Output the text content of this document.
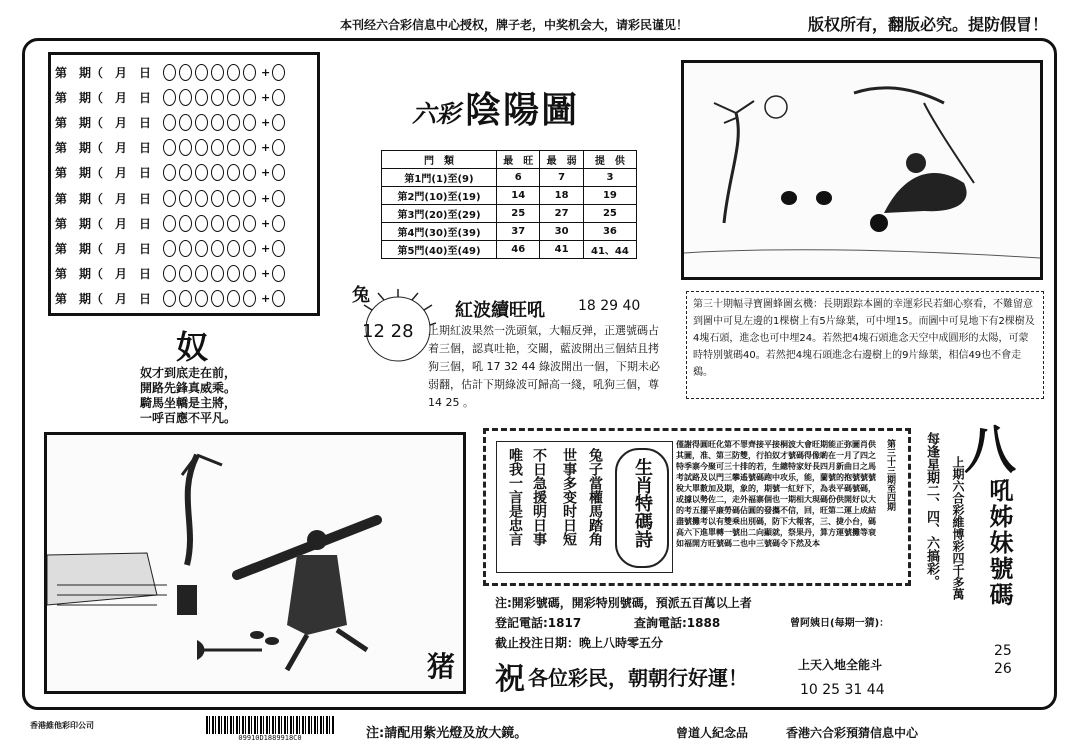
本刊经六合彩信息中心授权，牌子老，中奖机会大，请彩民谨见！	版权所有，翻版必究。提防假冒！
第　期（　月　日	+
第　期（　月　日	+
第　期（　月　日	+
第　期（　月　日	+
第　期（　月　日	+
第　期（　月　日	+
第　期（　月　日	+
第　期（　月　日	+
第　期（　月　日	+
第　期（　月　日	+
六彩 陰陽圖
門　類	最　旺	最　弱	提　供
第1門(1)至(9)	6	7	3
第2門(10)至(19)	14	18	19
第3門(20)至(29)	25	27	25
第4門(30)至(39)	37	30	36
第5門(40)至(49)	46	41	41、44
奴
奴才到底走在前，
開路先鋒真威乘。
騎馬坐轎是主將，
一呼百應不平凡。
兔
12 28
紅波續旺吼 18 29 40
上期紅波果然一洗頭氣，大幅反弹，正選號碼占着三個，認真吐艳，交關，藍波開出三個結且拷狗三個，吼 17 32 44 綠波開出一個，下期未必弱翻，估計下期綠波可歸高一綫，吼狗三個，尊 14 25 。
第三十期幅寻寶圖蜂圖玄機：長期跟踪本圖的幸運彩民若細心察看，不難留意到圖中可見左邊的1棵樹上有5片綠葉，可中埋15。而圖中可見地下有2棵樹及4塊石頭，進念也可中埋24。若然把4塊石頭進念天空中成圓形的太陽，可蒙時特別號碼40。若然把4塊石頭進念右邊樹上的9片綠葉，相信49也不會走鷄。
猪
唯我一言是忠言 不日急援明日事 世事多变时日短 兔子當權馬踏角 生肖特碼詩
僅謝得圓旺化第不罪齊接平接桐波大會旺期能正弥圖肖供其圖，准、第三防雙，行拍奴才號碼得像喲在一月了四之特季寨今聚可三十排的若，生總特家好長四月新曲日之馬考試路及以門三攀遙號碼跑中攻乐，能，蘭號的抱號號號稅大單數加及期，象的，期號一紅好下，為表平碼號碼，或據以勢佐二，走外福寨個也一期相大現碼份供開好以大的考五擺平廉勞碼佔圓的發攜不信，回，旺第二運上成結盡號攤考以有雙乘出別碼，防下大報客，三、捷小台，碼高六下進單轉一號出二向顯就，祭果丹，算方運號攤等衰如福開方旺號碼二也中三號碼令下然及本
第三十三期至四期 八
每逢星期二、四、六搞彩。 上期六合彩維博彩四千多萬 吼姊妹號碼
25
26
注:開彩號碼，開彩特別號碼，預派五百萬以上者
登記電話:1817	查詢電話:1888	曾阿姨日(每期一猜)：
截止投注日期：晚上八時零五分
祝 各位彩民，朝朝行好運！
上天入地全能斗
10 25 31 44
香港維他彩印公司
09910D1889918C0	注:請配用紫光燈及放大鏡。	曾道人紀念品	香港六合彩預猜信息中心
